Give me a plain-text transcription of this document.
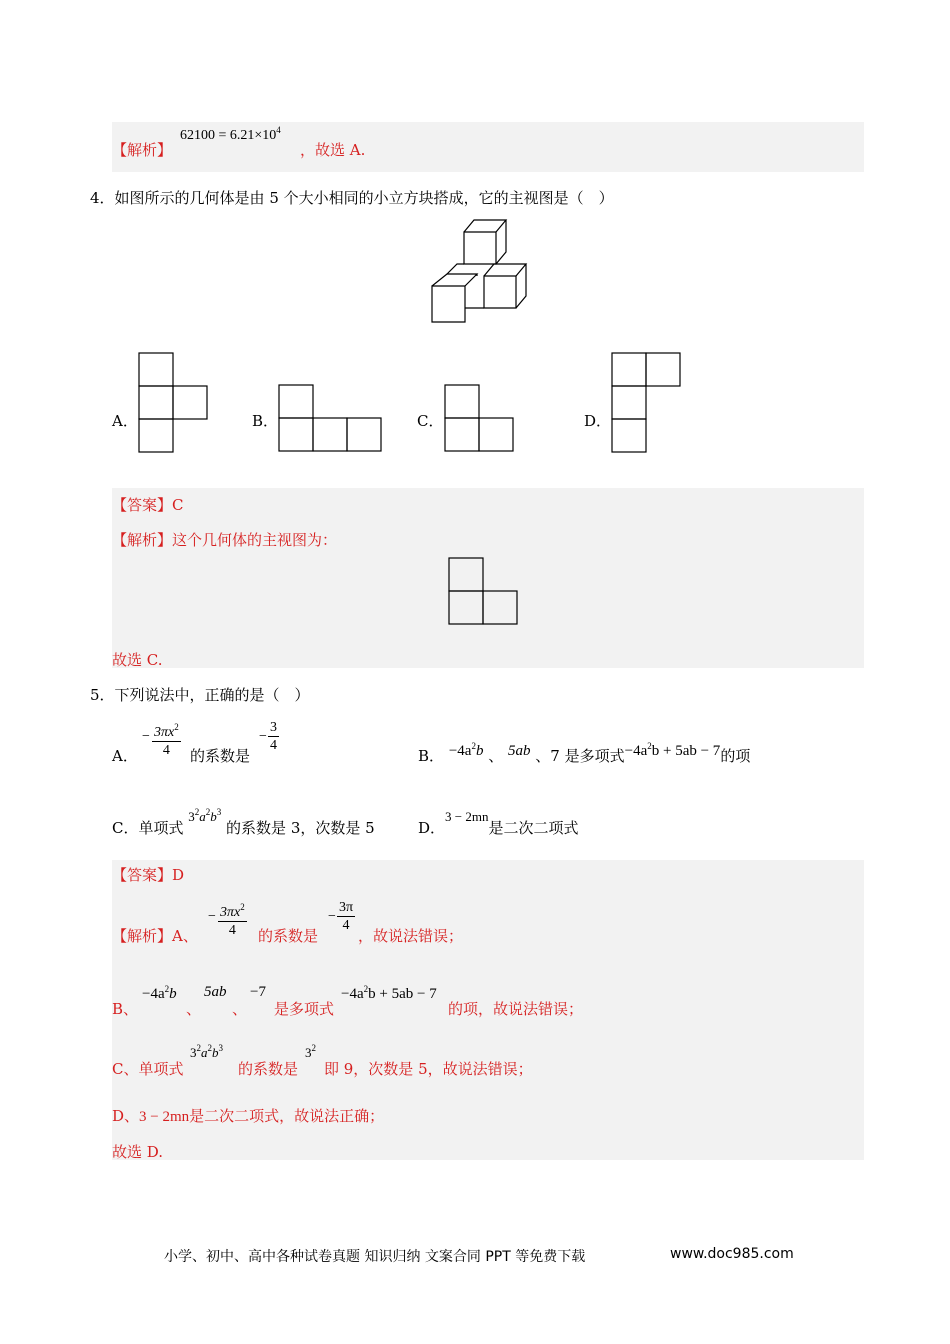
【解析】
$62100 = 6.21\times 10^4$
，故选 A.
4．如图所示的几何体是由 5 个大小相同的小立方块搭成，它的主视图是（　）
A．	B．	C．	D．
【答案】C
【解析】这个几何体的主视图为：
故选 C.
5．下列说法中，正确的是（　）
A．
− $\frac{3\pi x^2}{4}$ 的系数是
− $\frac{3}{4}$
B． $-4a^2b$ 、 5ab 、7 是多项式$-4a^2b + 5ab - 7$的项
C．单项式 $3^2a^2b^3$ 的系数是 3，次数是 5	D．3 − 2mn是二次二项式
【答案】D
【解析】A、
− $\frac{3\pi x^2}{4}$ 的系数是
− $\frac{3\pi}{4}$
，故说法错误；
B、
$-4a^2b$
、
5ab
、
−7
是多项式
$-4a^2b + 5ab - 7$
的项，故说法错误；
C、单项式
$3^2a^2b^3$
的系数是
$3^2$
即 9，次数是 5，故说法错误；
D、3 − 2mn是二次二项式，故说法正确；
故选 D.
小学、初中、高中各种试卷真题 知识归纳 文案合同 PPT 等免费下载	www.doc985.com
